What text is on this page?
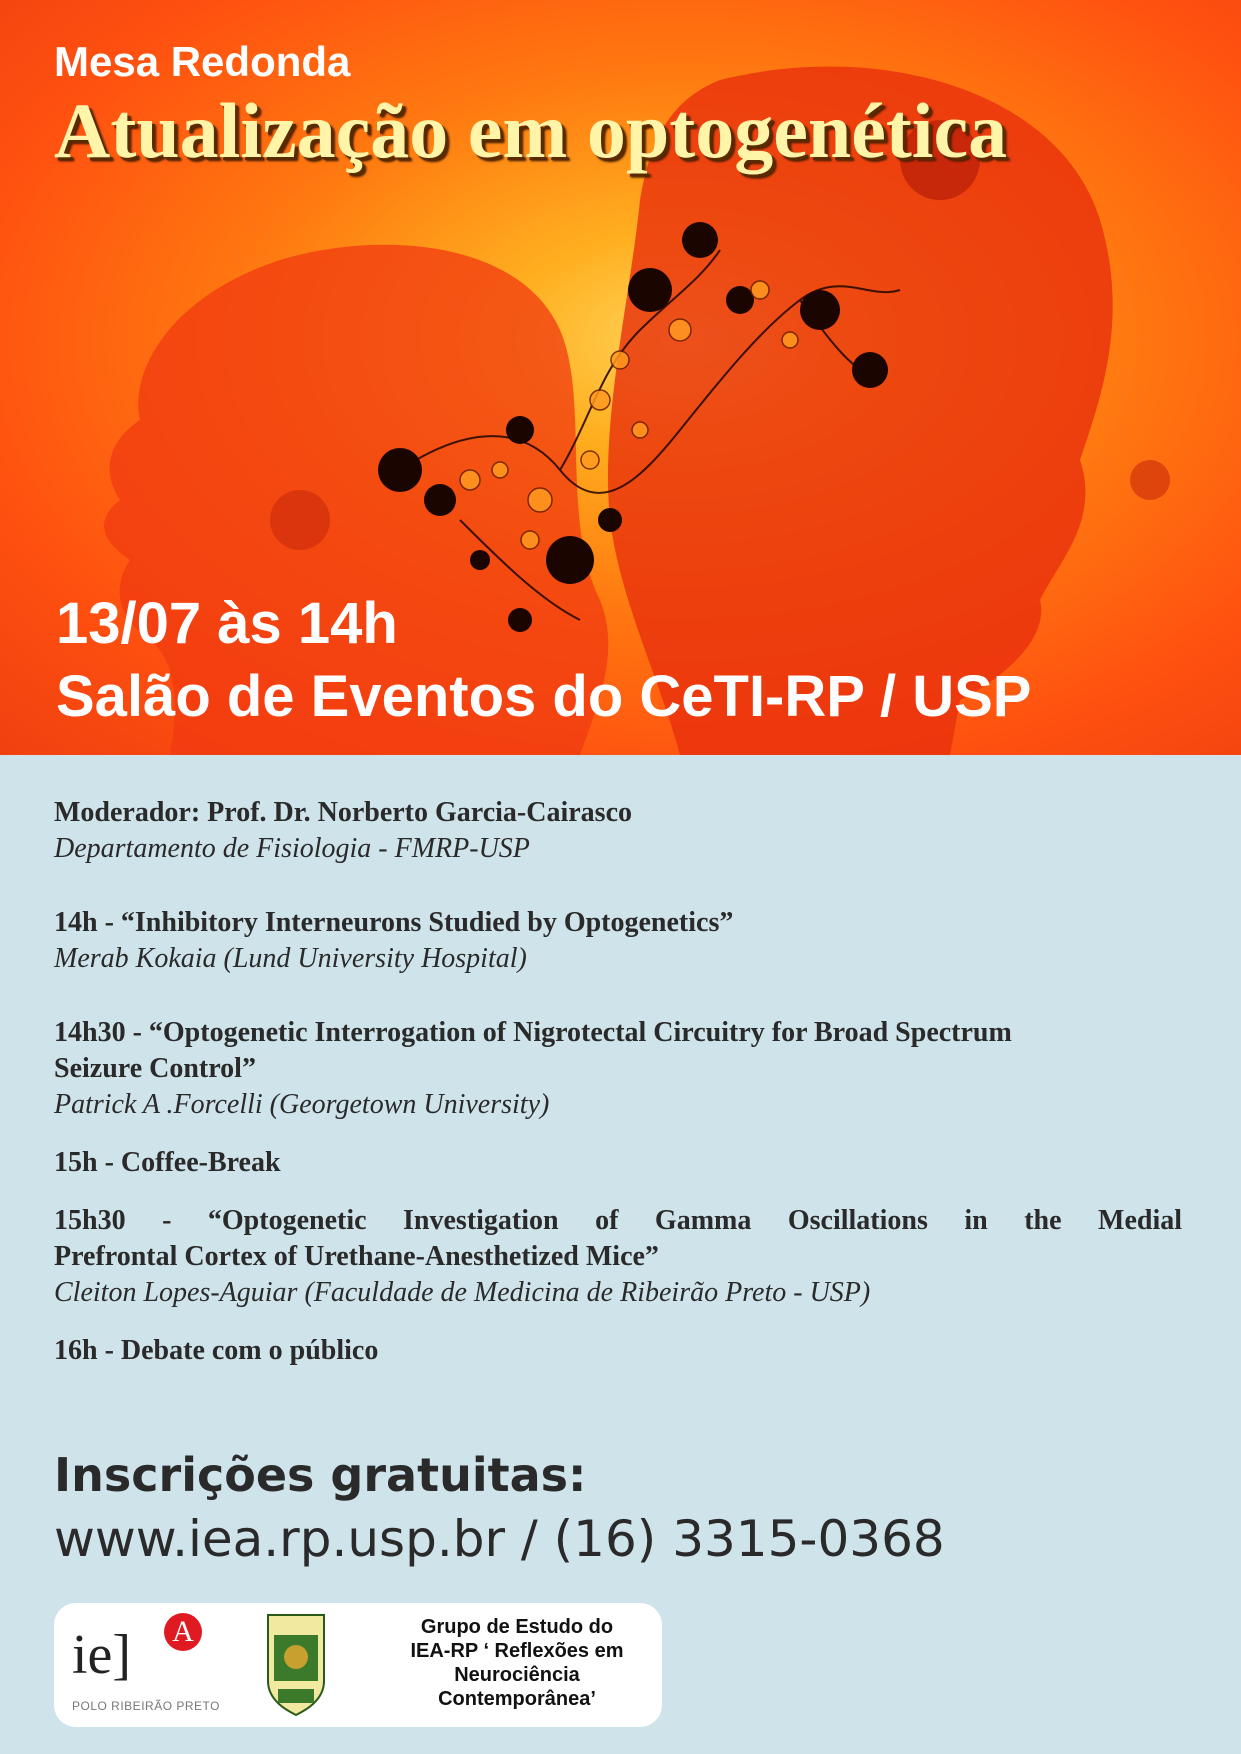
Mesa Redonda
Atualização em optogenética
13/07 às 14h
Salão de Eventos do CeTI-RP / USP
Moderador: Prof. Dr. Norberto Garcia-Cairasco
Departamento de Fisiologia - FMRP-USP
14h - “Inhibitory Interneurons Studied by Optogenetics”
Merab Kokaia (Lund University Hospital)
14h30 - “Optogenetic Interrogation of Nigrotectal Circuitry for Broad Spectrum
Seizure Control”
Patrick A .Forcelli (Georgetown University)
15h - Coffee-Break
15h30 - “Optogenetic Investigation of Gamma Oscillations in the Medial
Prefrontal Cortex of Urethane-Anesthetized Mice”
Cleiton Lopes-Aguiar (Faculdade de Medicina de Ribeirão Preto - USP)
16h - Debate com o público
Inscrições gratuitas:
www.iea.rp.usp.br / (16) 3315-0368
ie] A
POLO RIBEIRÃO PRETO
Grupo de Estudo do
IEA-RP ‘ Reflexões em
Neurociência
Contemporânea’
